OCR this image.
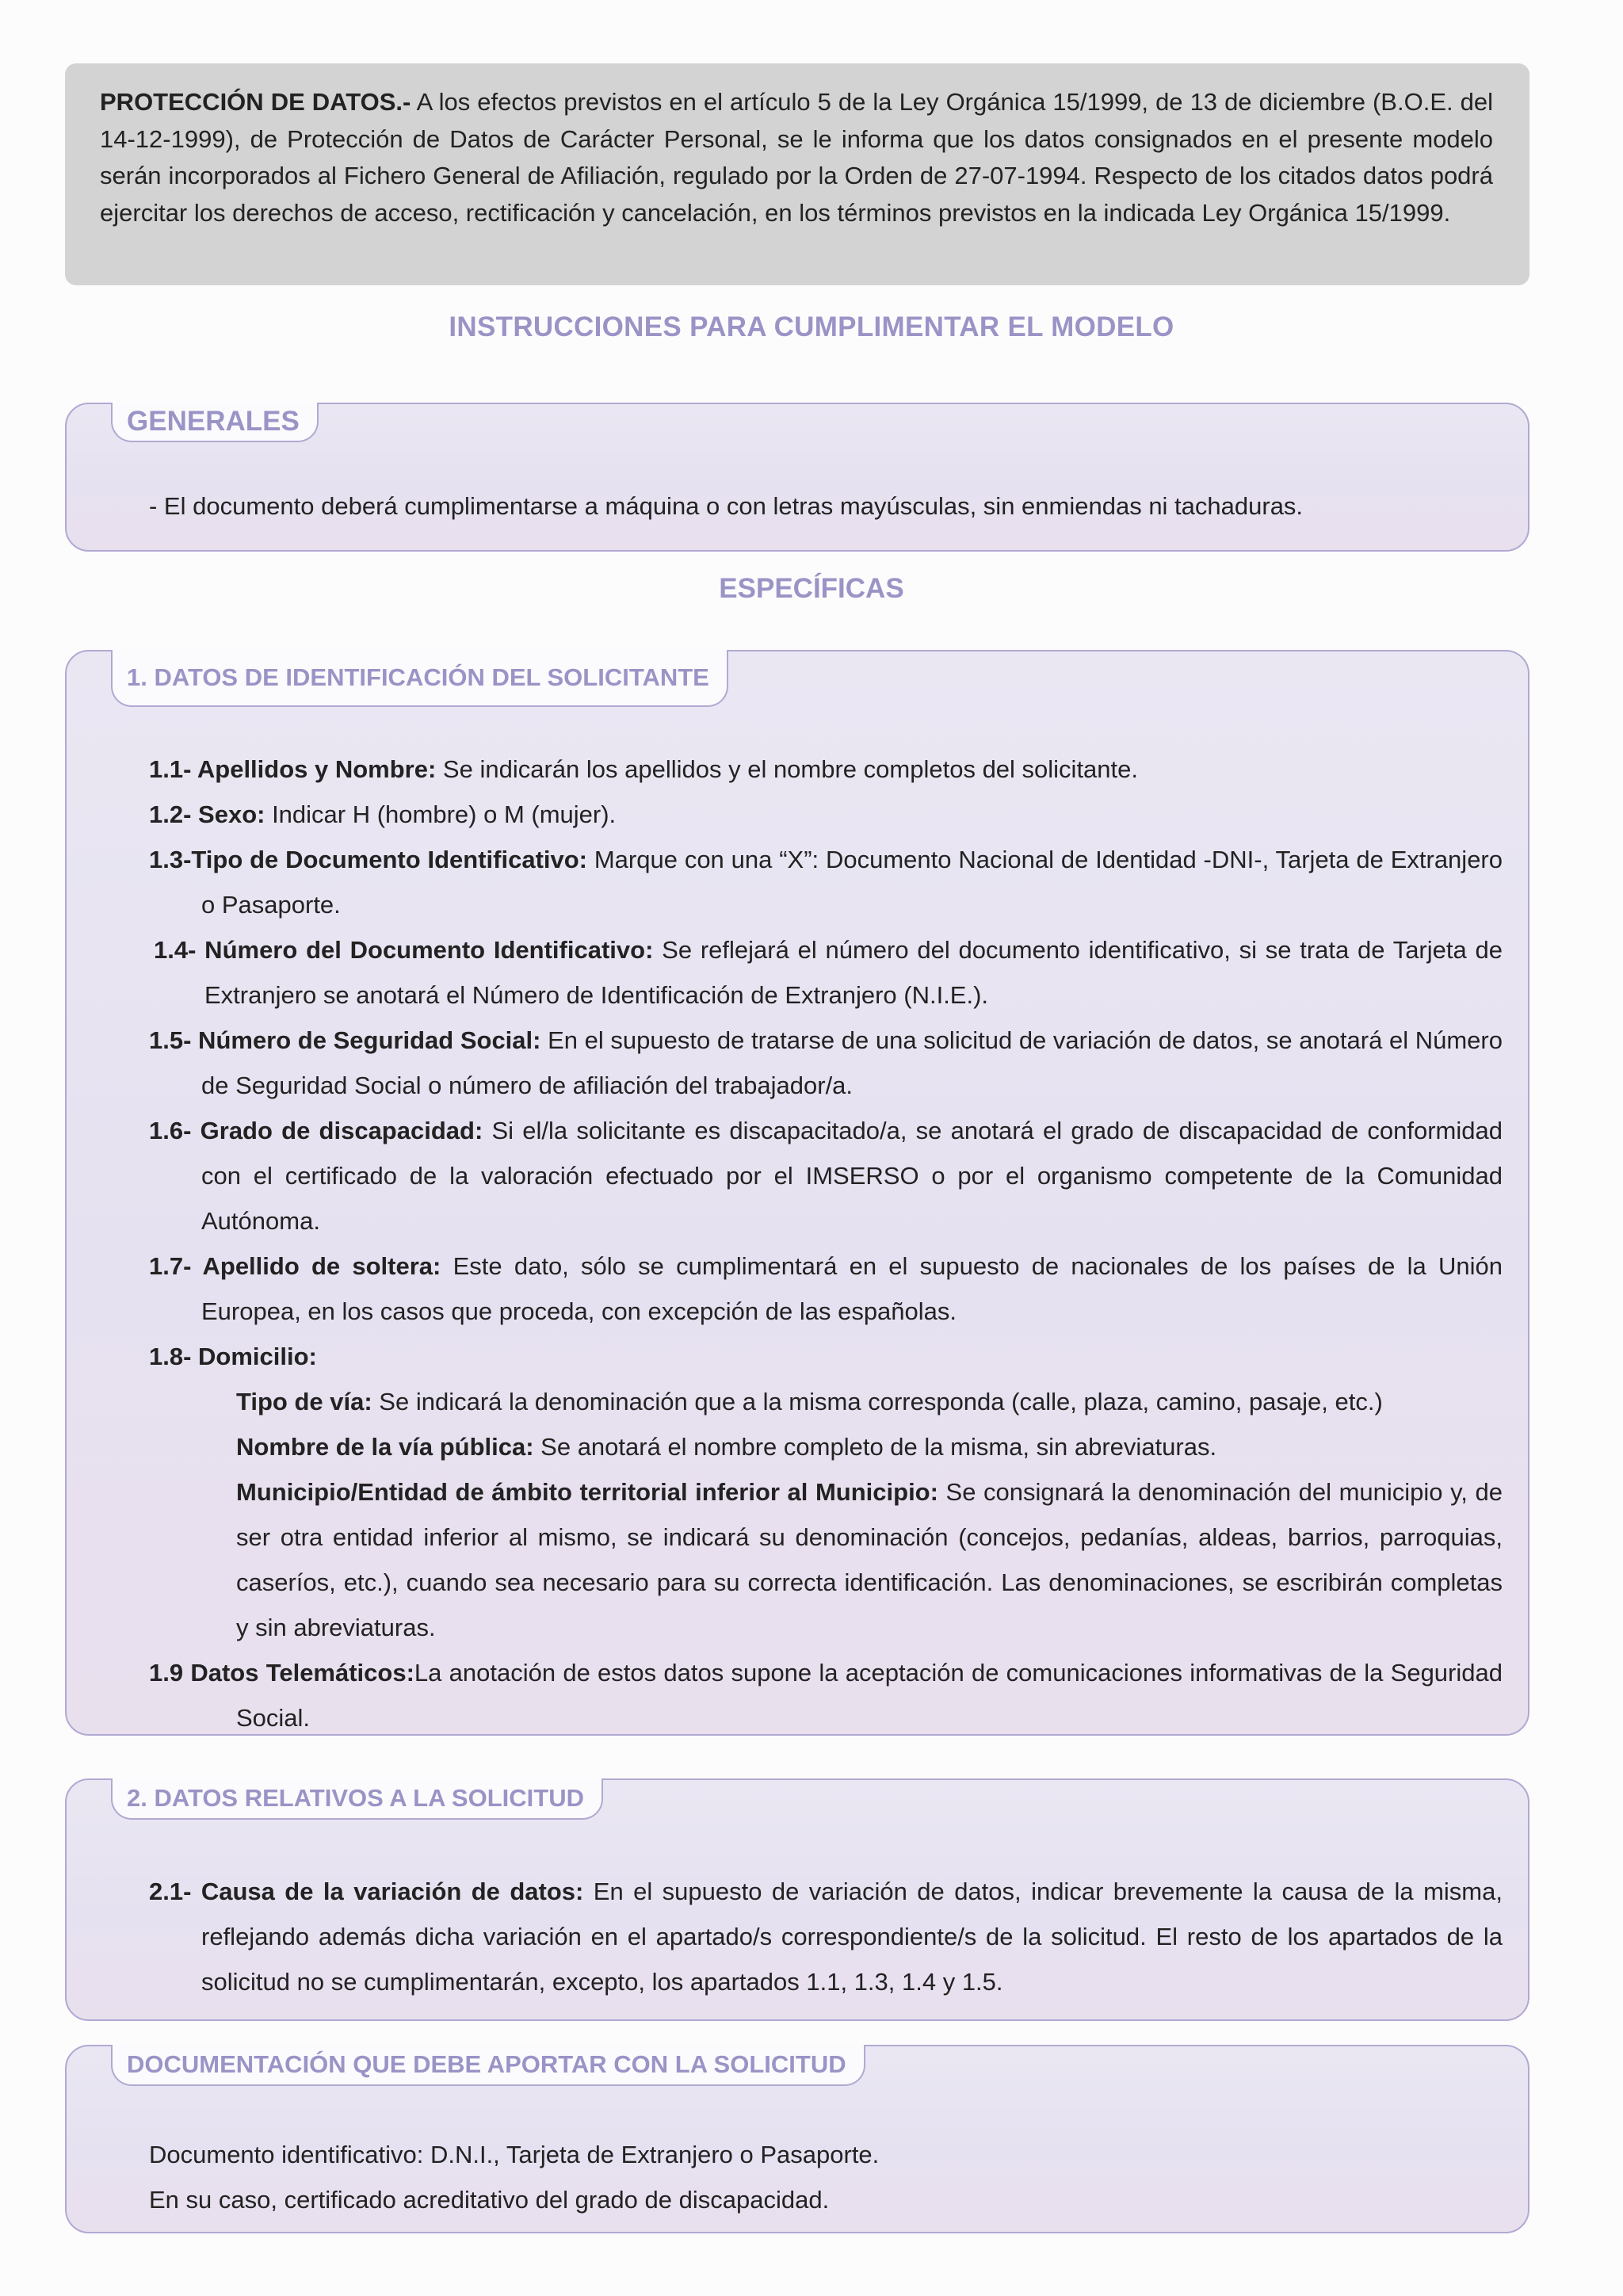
PROTECCIÓN DE DATOS.- A los efectos previstos en el artículo 5 de la Ley Orgánica 15/1999, de 13 de diciembre (B.O.E. del 14-12-1999), de Protección de Datos de Carácter Personal, se le informa que los datos consignados en el presente modelo serán incorporados al Fichero General de Afiliación, regulado por la Orden de 27-07-1994. Respecto de los citados datos podrá ejercitar los derechos de acceso, rectificación y cancelación, en los términos previstos en la indicada Ley Orgánica 15/1999.
INSTRUCCIONES PARA CUMPLIMENTAR EL MODELO
GENERALES
- El documento deberá cumplimentarse a máquina o con letras mayúsculas, sin enmiendas ni tachaduras.
ESPECÍFICAS
1. DATOS DE IDENTIFICACIÓN DEL SOLICITANTE
1.1- Apellidos y Nombre: Se indicarán los apellidos y el nombre completos del solicitante.
1.2- Sexo: Indicar H (hombre) o M (mujer).
1.3-Tipo de Documento Identificativo: Marque con una “X”: Documento Nacional de Identidad -DNI-, Tarjeta de Extranjero o Pasaporte.
1.4- Número del Documento Identificativo: Se reflejará el número del documento identificativo, si se trata de Tarjeta de Extranjero se anotará el Número de Identificación de Extranjero (N.I.E.).
1.5- Número de Seguridad Social: En el supuesto de tratarse de una solicitud de variación de datos, se anotará el Número de Seguridad Social o número de afiliación del trabajador/a.
1.6- Grado de discapacidad: Si el/la solicitante es discapacitado/a, se anotará el grado de discapacidad de conformidad con el certificado de la valoración efectuado por el IMSERSO o por el organismo competente de la Comunidad Autónoma.
1.7- Apellido de soltera: Este dato, sólo se cumplimentará en el supuesto de nacionales de los países de la Unión Europea, en los casos que proceda, con excepción de las españolas.
1.8- Domicilio:
Tipo de vía: Se indicará la denominación que a la misma corresponda (calle, plaza, camino, pasaje, etc.)
Nombre de la vía pública: Se anotará el nombre completo de la misma, sin abreviaturas.
Municipio/Entidad de ámbito territorial inferior al Municipio: Se consignará la denominación del municipio y, de ser otra entidad inferior al mismo, se indicará su denominación (concejos, pedanías, aldeas, barrios, parroquias, caseríos, etc.), cuando sea necesario para su correcta identificación. Las denominaciones, se escribirán completas y sin abreviaturas.
1.9 Datos Telemáticos:La anotación de estos datos supone la aceptación de comunicaciones informativas de la Seguridad Social.
2. DATOS RELATIVOS A LA SOLICITUD
2.1- Causa de la variación de datos: En el supuesto de variación de datos, indicar brevemente la causa de la misma, reflejando además dicha variación en el apartado/s correspondiente/s de la solicitud. El resto de los apartados de la solicitud no se cumplimentarán, excepto, los apartados 1.1, 1.3, 1.4 y 1.5.
DOCUMENTACIÓN QUE DEBE APORTAR CON LA SOLICITUD
Documento identificativo: D.N.I., Tarjeta de Extranjero o Pasaporte.
En su caso, certificado acreditativo del grado de discapacidad.
